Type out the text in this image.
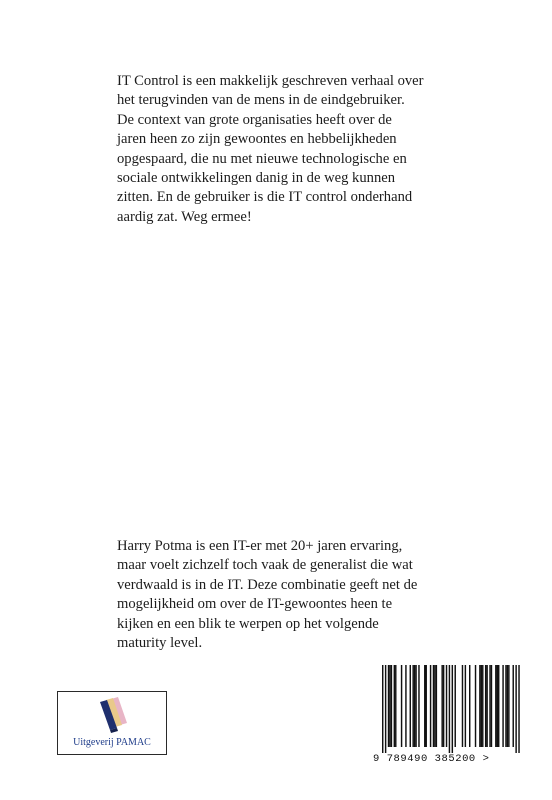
IT Control is een makkelijk geschreven verhaal over
het terugvinden van de mens in de eindgebruiker.
De context van grote organisaties heeft over de
jaren heen zo zijn gewoontes en hebbelijkheden
opgespaard, die nu met nieuwe technologische en
sociale ontwikkelingen danig in de weg kunnen
zitten. En de gebruiker is die IT control onderhand
aardig zat. Weg ermee!
Harry Potma is een IT-er met 20+ jaren ervaring,
maar voelt zichzelf toch vaak de generalist die wat
verdwaald is in de IT. Deze combinatie geeft net de
mogelijkheid om over de IT-gewoontes heen te
kijken en een blik te werpen op het volgende
maturity level.
Uitgeverij PAMAC
9 789490 385200 >
